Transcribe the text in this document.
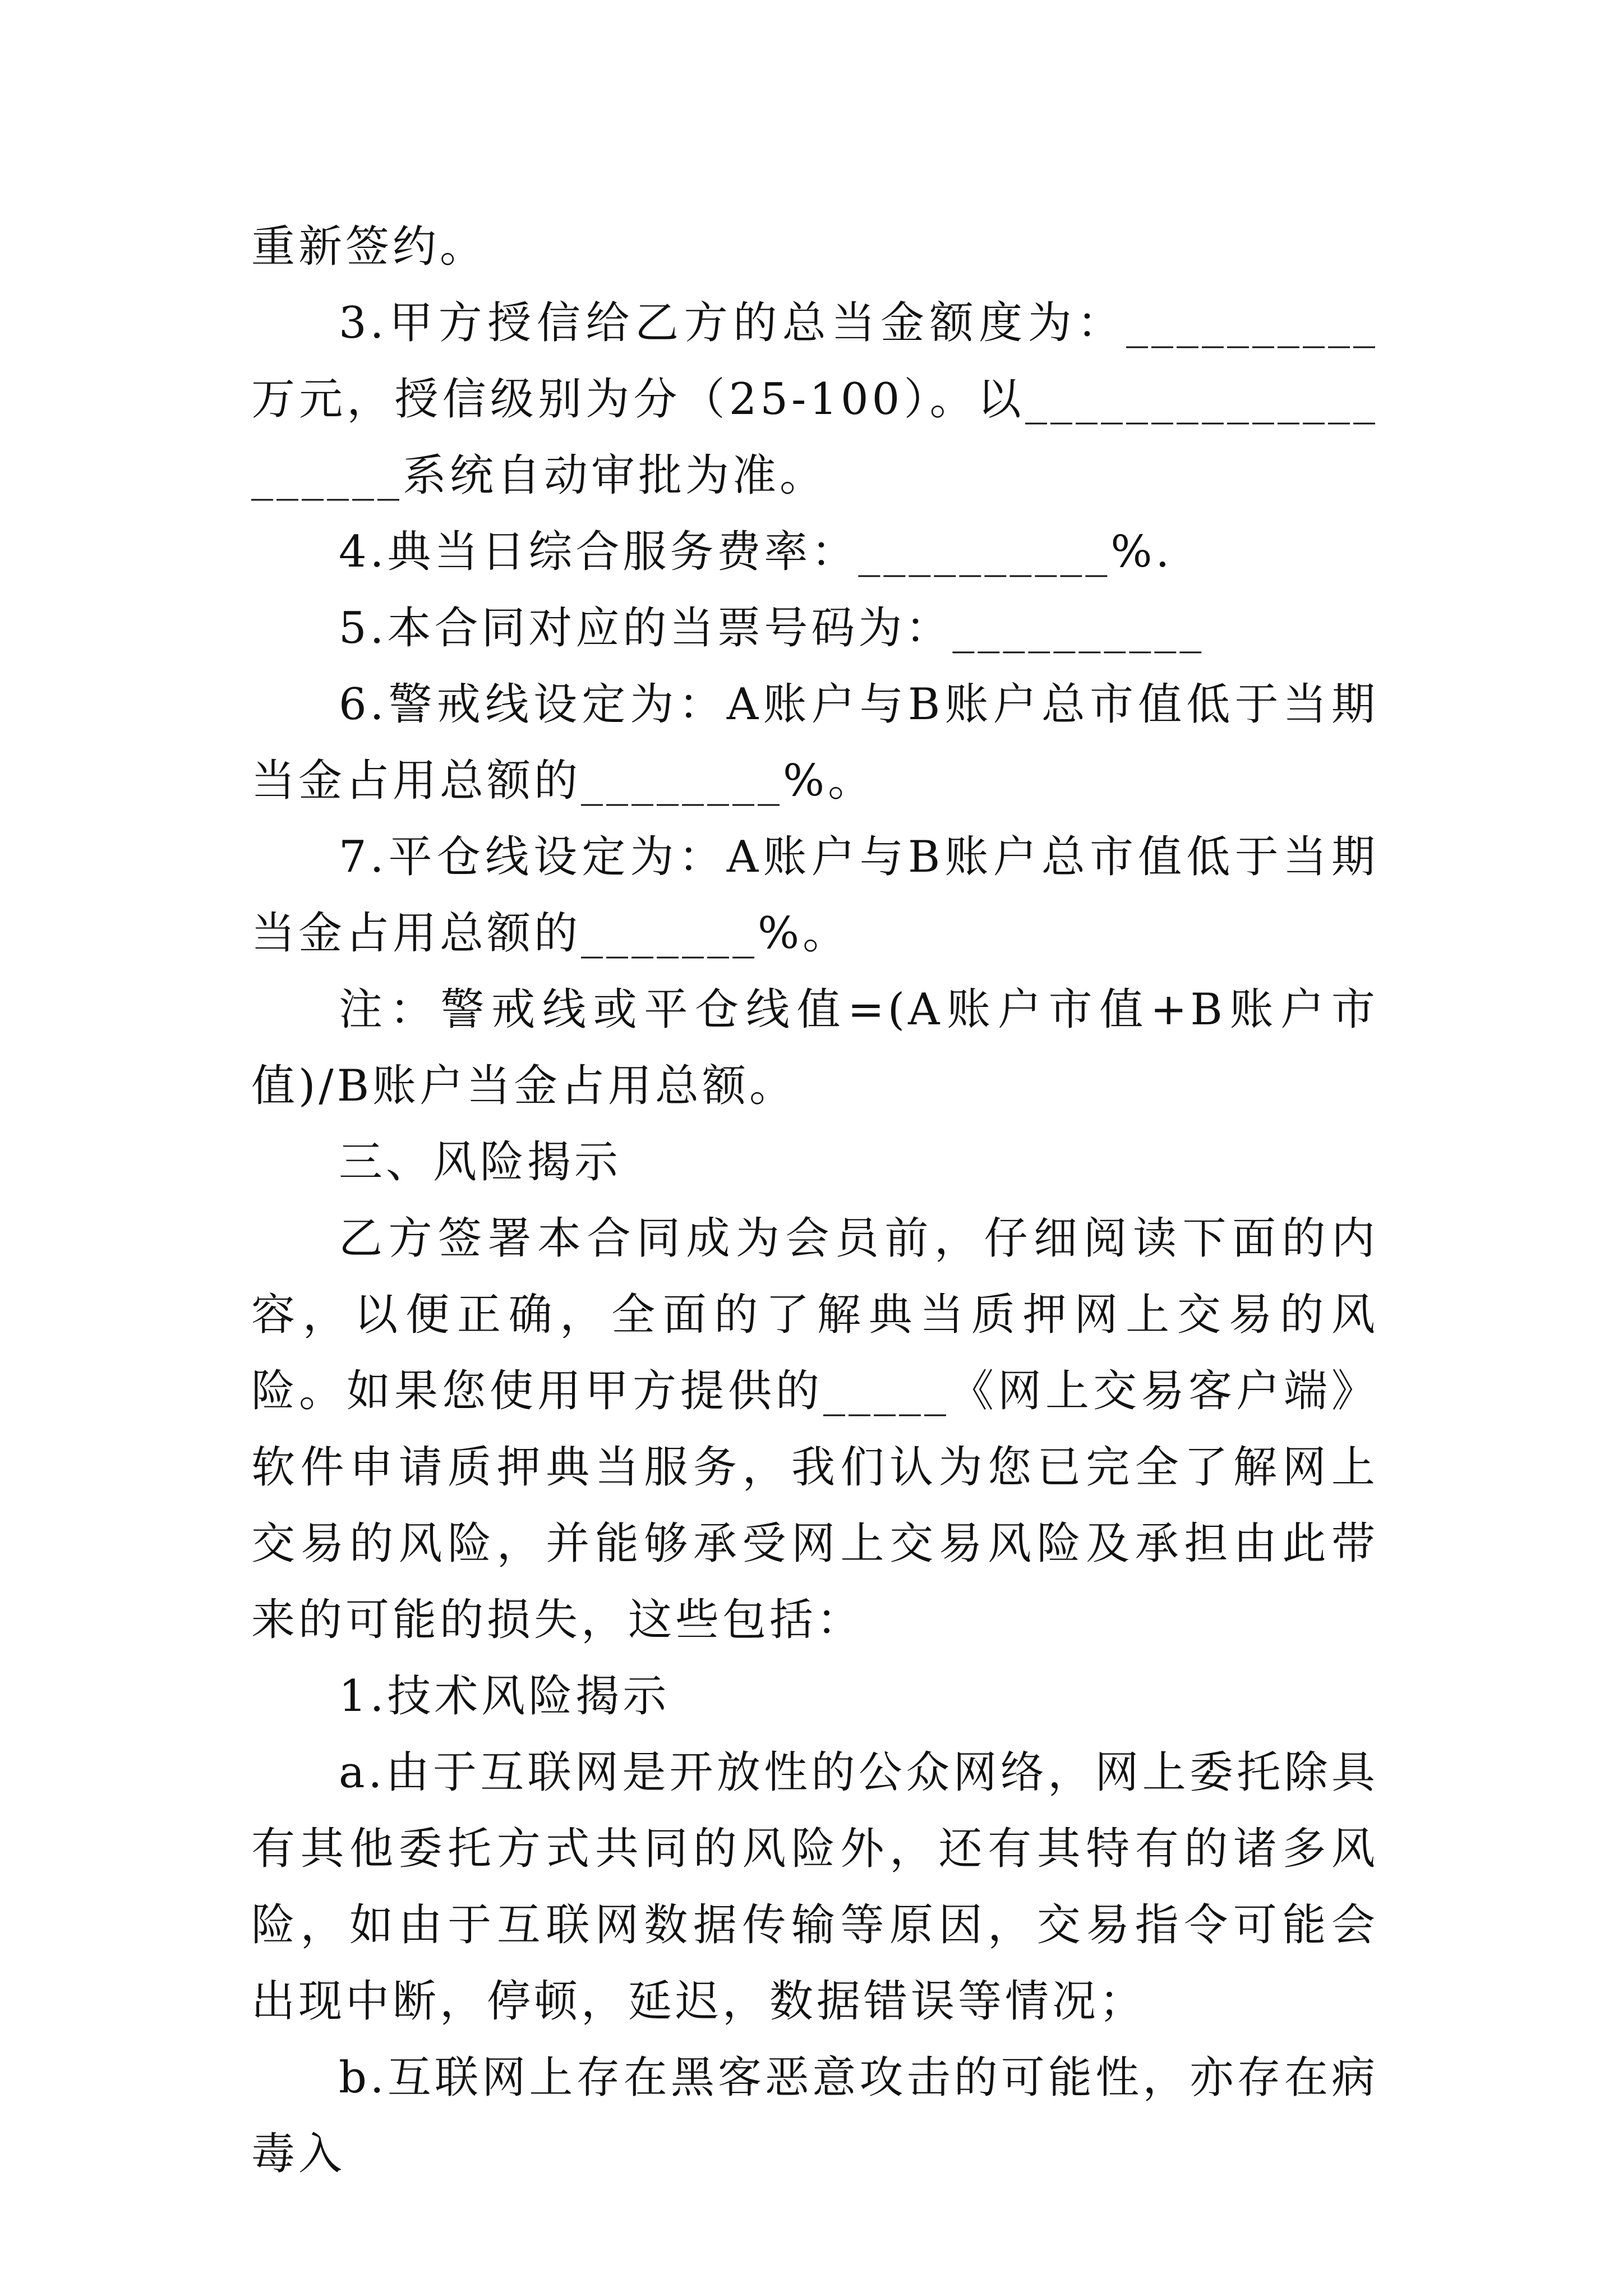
重新签约。

3.甲方授信给乙方的总当金额度为：__________万元，授信级别为分（25-100）。以____________________系统自动审批为准。

4.典当日综合服务费率：__________%.

5.本合同对应的当票号码为：__________

6.警戒线设定为：A账户与B账户总市值低于当期当金占用总额的________%。

7.平仓线设定为：A账户与B账户总市值低于当期当金占用总额的_______%。

注：警戒线或平仓线值=(A账户市值+B账户市值)/B账户当金占用总额。

三、风险揭示

乙方签署本合同成为会员前，仔细阅读下面的内容，以便正确，全面的了解典当质押网上交易的风险。如果您使用甲方提供的_____《网上交易客户端》软件申请质押典当服务，我们认为您已完全了解网上交易的风险，并能够承受网上交易风险及承担由此带来的可能的损失，这些包括：

1.技术风险揭示

a.由于互联网是开放性的公众网络，网上委托除具有其他委托方式共同的风险外，还有其特有的诸多风险，如由于互联网数据传输等原因，交易指令可能会出现中断，停顿，延迟，数据错误等情况；

b.互联网上存在黑客恶意攻击的可能性，亦存在病毒入
